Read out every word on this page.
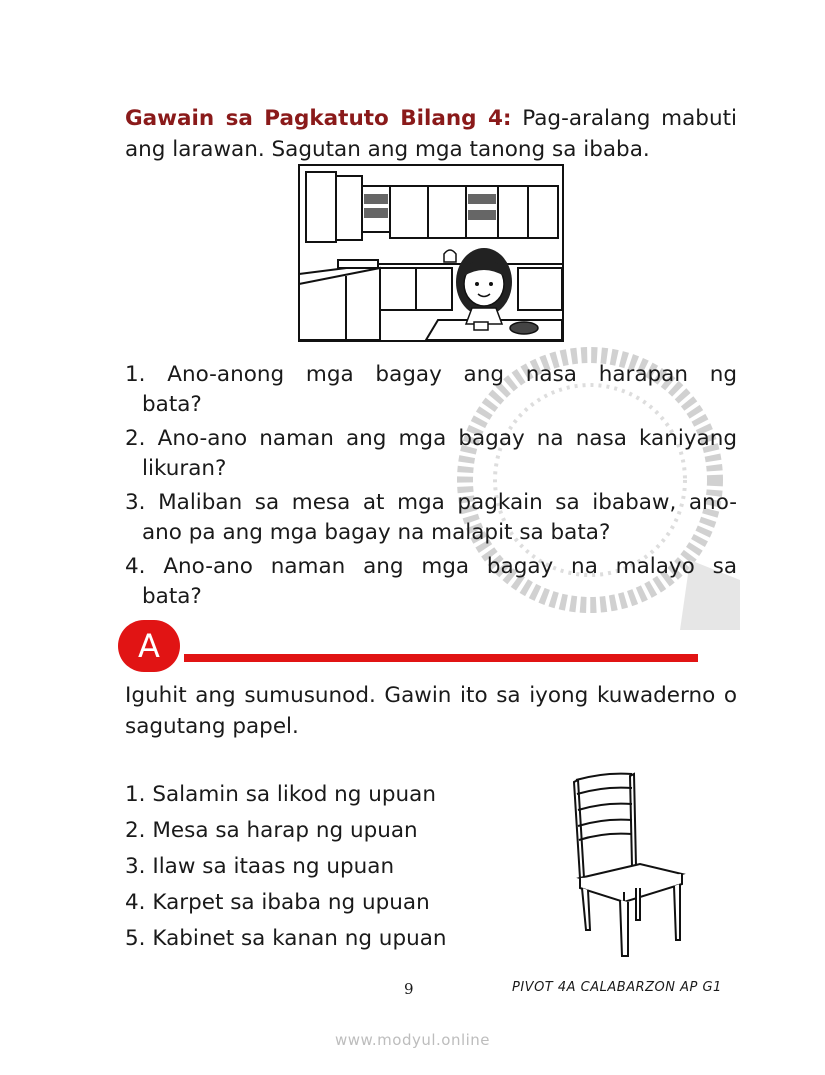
Gawain sa Pagkatuto Bilang 4: Pag-aralang mabuti
ang larawan. Sagutan ang mga tanong sa ibaba.
1. Ano-anong mga bagay ang nasa harapan ng
bata?
2. Ano-ano naman ang mga bagay na nasa kaniyang
likuran?
3. Maliban sa mesa at mga pagkain sa ibabaw, ano-
ano pa ang mga bagay na malapit sa bata?
4. Ano-ano naman ang mga bagay na malayo sa
bata?
A
Iguhit ang sumusunod. Gawin ito sa iyong kuwaderno o
sagutang papel.
1. Salamin sa likod ng upuan
2. Mesa sa harap ng upuan
3. Ilaw sa itaas ng upuan
4. Karpet sa ibaba ng upuan
5. Kabinet sa kanan ng upuan
9	PIVOT 4A CALABARZON AP G1
www.modyul.online
